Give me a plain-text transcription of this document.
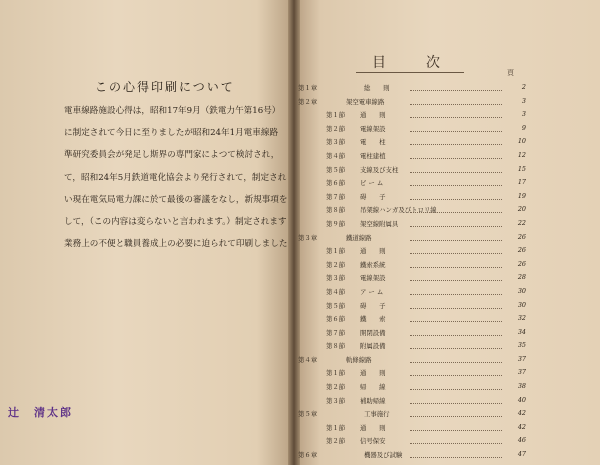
この心得印刷について
電車線路施設心得は，昭和17年9月（鉄電力午第16号）
に制定されて今日に至りましたが昭和24年1月電車線路
準研究委員会が発足し斯界の専門家によつて検討され，
て，昭和24年5月鉄道電化協会より発行されて，制定され
い現在電気局電力課に於て最後の審議をなし，新規事項を
して，（この内容は変らないと言われます。）制定されます
業務上の不便と職員養成上の必要に迫られて印刷しました
辻　清太郎
目次
頁
第１章	総　　則	2
第２章	架空電車線路	3
第１節 通　　則	3
第２節 電線架設	9
第３節 電　　柱	10
第４節 電柱建植	12
第５節 支線及び支柱	15
第６節 ビ ー ム	17
第７節 碍　　子	19
第８節 吊架線ハンガ及びトロリ線	20
第９節 架空線附属具	22
第３章	鐵道線路	26
第１節 通　　則	26
第２節 鐵索系統	26
第３節 電線架設	28
第４節 ア ー ム	30
第５節 碍　　子	30
第６節 鐵　　索	32
第７節 開閉設備	34
第８節 附属設備	35
第４章	軌條線路	37
第１節 通　　則	37
第２節 帰　　線	38
第３節 補助帰線	40
第５章	工事施行	42
第１節 通　　則	42
第２節 信号保安	46
第６章	機器及び試験	47
